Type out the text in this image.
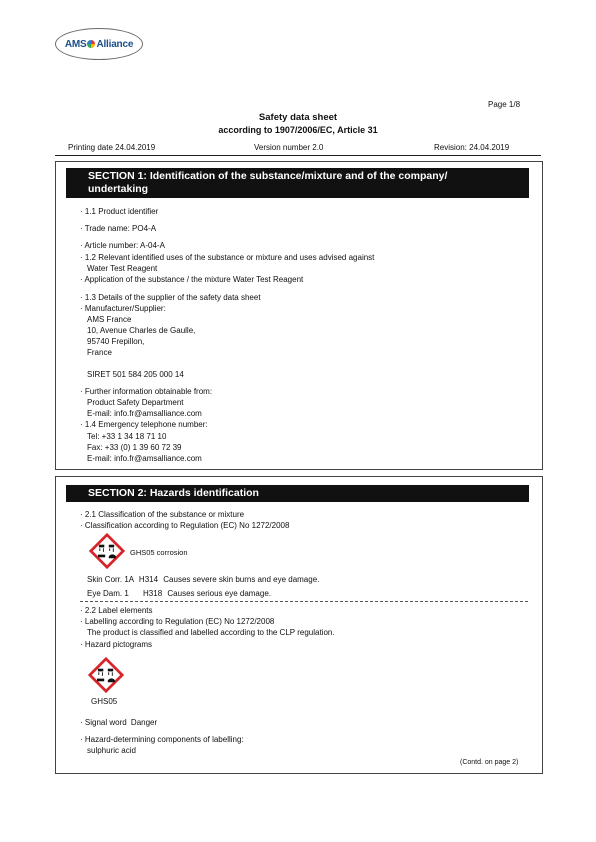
AMS Alliance
Page 1/8
Safety data sheet
according to 1907/2006/EC, Article 31
Printing date 24.04.2019	Version number 2.0	Revision: 24.04.2019
SECTION 1: Identification of the substance/mixture and of the company/
undertaking
· 1.1 Product identifier
· Trade name: PO4-A
· Article number: A-04-A
· 1.2 Relevant identified uses of the substance or mixture and uses advised against
Water Test Reagent
· Application of the substance / the mixture Water Test Reagent
· 1.3 Details of the supplier of the safety data sheet
· Manufacturer/Supplier:
AMS France
10, Avenue Charles de Gaulle,
95740 Frepillon,
France
SIRET 501 584 205 000 14
· Further information obtainable from:
Product Safety Department
E-mail: info.fr@amsalliance.com
· 1.4 Emergency telephone number:
Tel: +33 1 34 18 71 10
Fax: +33 (0) 1 39 60 72 39
E-mail: info.fr@amsalliance.com
SECTION 2: Hazards identification
· 2.1 Classification of the substance or mixture
· Classification according to Regulation (EC) No 1272/2008
GHS05 corrosion
Skin Corr. 1A H314 Causes severe skin burns and eye damage.
Eye Dam. 1 H318 Causes serious eye damage.
· 2.2 Label elements
· Labelling according to Regulation (EC) No 1272/2008
The product is classified and labelled according to the CLP regulation.
· Hazard pictograms
GHS05
· Signal word Danger
· Hazard-determining components of labelling:
sulphuric acid
(Contd. on page 2)
